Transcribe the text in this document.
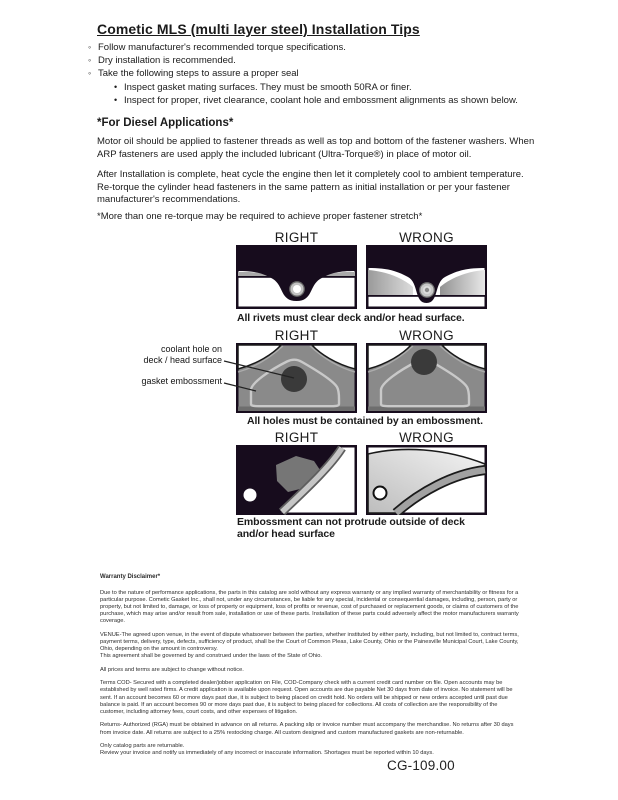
Cometic MLS (multi layer steel) Installation Tips
◦
Follow manufacturer's recommended torque specifications.
◦
Dry installation is recommended.
◦
Take the following steps to assure a proper seal
•
Inspect gasket mating surfaces. They must be smooth 50RA or finer.
•
Inspect for proper, rivet clearance, coolant hole and embossment alignments as shown below.
*For Diesel Applications*
Motor oil should be applied to fastener threads as well as top and bottom of the fastener washers. When ARP fasteners are used apply the included lubricant (Ultra-Torque®) in place of motor oil.
After Installation is complete, heat cycle the engine then let it completely cool to ambient temperature. Re-torque the cylinder head fasteners in the same pattern as initial installation or per your fastener manufacturer's recommendations.
*More than one re-torque may be required to achieve proper fastener stretch*
RIGHT	WRONG
All rivets must clear deck and/or head surface.
RIGHT	WRONG
coolant hole on
deck / head surface
gasket embossment
All holes must be contained by an embossment.
RIGHT	WRONG
Embossment can not protrude outside of deck
and/or head surface
Warranty Disclaimer*

Due to the nature of performance applications, the parts in this catalog are sold without any express warranty or any implied warranty of merchantability or fitness for a particular purpose. Cometic Gasket Inc., shall not, under any circumstances, be liable for any special, incidental or consequential damages, including, person, party or property, but not limited to, damage, or loss of property or equipment, loss of profits or revenue, cost of purchased or replacement goods, or claims of customers of the purchase, which may arise and/or result from sale, installation or use of these parts. Installation of these parts could adversely affect the motor manufacturers warranty coverage.

VENUE-The agreed upon venue, in the event of dispute whatsoever between the parties, whether instituted by either party, including, but not limited to, contract terms, payment terms, delivery, type, defects, sufficiency of product, shall be the Court of Common Pleas, Lake County, Ohio or the Painesville Municipal Court, Lake County, Ohio, depending on the amount in controversy.

This agreement shall be governed by and construed under the laws of the State of Ohio.

All prices and terms are subject to change without notice.

Terms COD- Secured with a completed dealer/jobber application on File, COD-Company check with a current credit card number on file. Open accounts may be established by well rated firms. A credit application is available upon request. Open accounts are due payable Net 30 days from date of invoice. No statement will be sent. If an account becomes 60 or more days past due, it is subject to being placed on credit hold. No orders will be shipped or new orders accepted until past due balance is paid. If an account becomes 90 or more days past due, it is subject to being placed for collections. All costs of collection are the responsibility of the customer, including attorney fees, court costs, and other expenses of litigation.

Returns- Authorized (RGA) must be obtained in advance on all returns. A packing slip or invoice number must accompany the merchandise. No returns after 30 days from invoice date. All returns are subject to a 25% restocking charge. All custom designed and custom manufactured gaskets are non-returnable.

Only catalog parts are returnable.

Review your invoice and notify us immediately of any incorrect or inaccurate information. Shortages must be reported within 10 days.

CG-109.00
